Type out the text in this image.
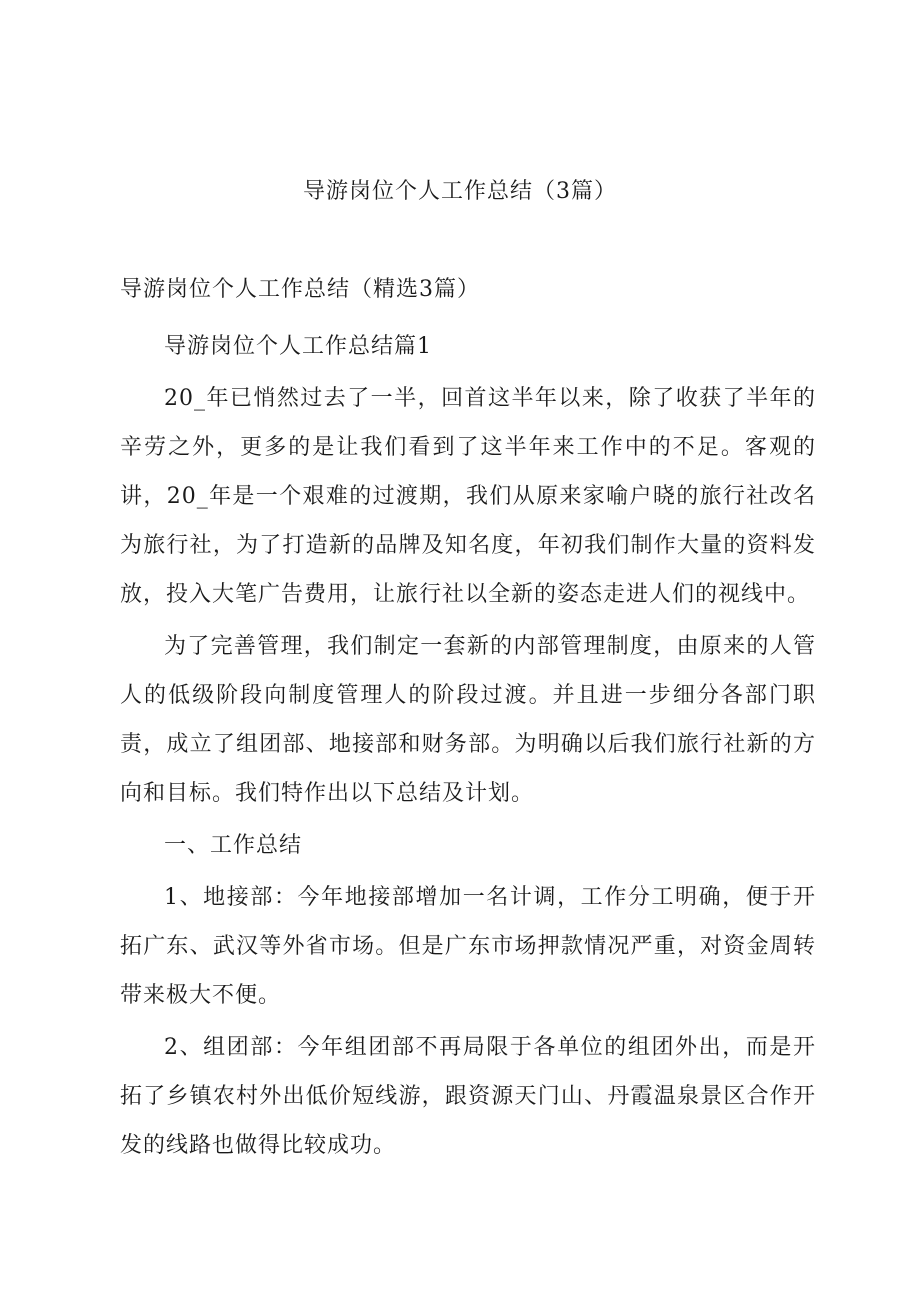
导游岗位个人工作总结（3篇）
导游岗位个人工作总结（精选3篇）

导游岗位个人工作总结篇1

20_年已悄然过去了一半，回首这半年以来，除了收获了半年的辛劳之外，更多的是让我们看到了这半年来工作中的不足。客观的讲，20_年是一个艰难的过渡期，我们从原来家喻户晓的旅行社改名为旅行社，为了打造新的品牌及知名度，年初我们制作大量的资料发放，投入大笔广告费用，让旅行社以全新的姿态走进人们的视线中。

为了完善管理，我们制定一套新的内部管理制度，由原来的人管人的低级阶段向制度管理人的阶段过渡。并且进一步细分各部门职责，成立了组团部、地接部和财务部。为明确以后我们旅行社新的方向和目标。我们特作出以下总结及计划。

一、工作总结

1、地接部：今年地接部增加一名计调，工作分工明确，便于开拓广东、武汉等外省市场。但是广东市场押款情况严重，对资金周转带来极大不便。

2、组团部：今年组团部不再局限于各单位的组团外出，而是开拓了乡镇农村外出低价短线游，跟资源天门山、丹霞温泉景区合作开发的线路也做得比较成功。
